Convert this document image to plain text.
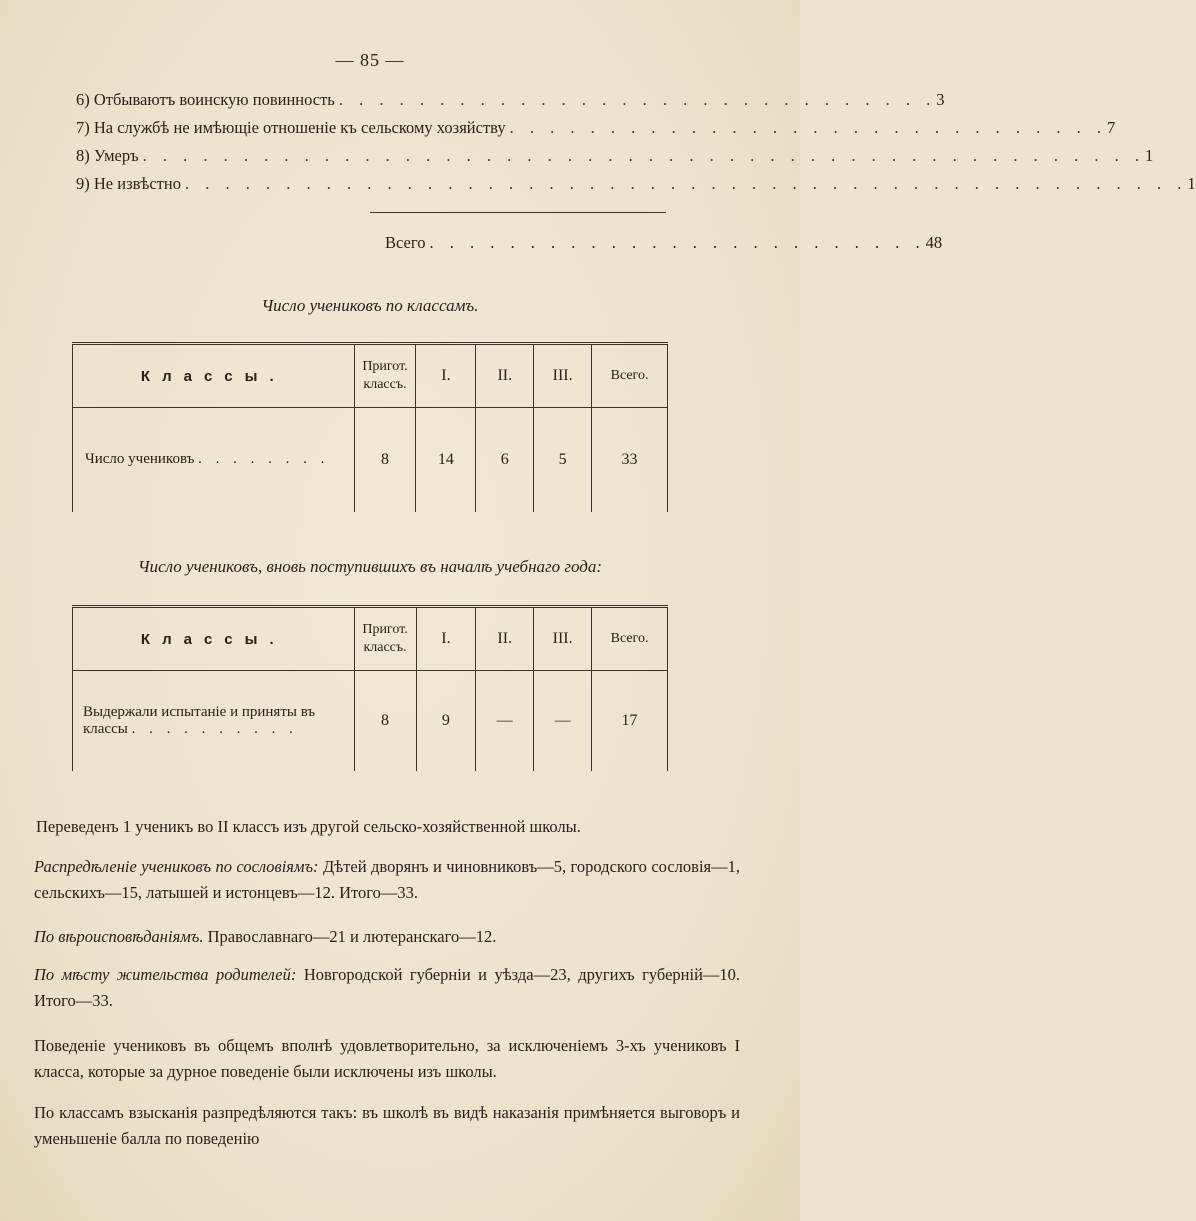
— 85 —
6) Отбываютъ воинскую повинность . . . . . . . . . . . . . . . . . . . . . . . . . . . . . . 3
7) На службѣ не имѣющіе отношеніе къ сельскому хозяйству . . . . . . . . . . . . . . . . . . . . . . . . . . . . . . 7
8) Умеръ . . . . . . . . . . . . . . . . . . . . . . . . . . . . . . . . . . . . . . . . . . . . . . . . . . 1
9) Не извѣстно . . . . . . . . . . . . . . . . . . . . . . . . . . . . . . . . . . . . . . . . . . . . . . . . . . 1
Всего . . . . . . . . . . . . . . . . . . . . . . . . . 48
Число учениковъ по классамъ.
Классы.	Пригот. классъ.	I.	II.	III.	Всего.
Число учениковъ . . . . . . . .	8	14	6	5	33
Число учениковъ, вновь поступившихъ въ началѣ учебнаго года:
Классы.	Пригот. классъ.	I.	II.	III.	Всего.
Выдержали испытаніе и приняты въ классы . . . . . . . . . .	8	9	—	—	17
Переведенъ 1 ученикъ во II классъ изъ другой сельско-хозяйственной школы.
Распредѣленіе учениковъ по сословіямъ: Дѣтей дворянъ и чиновниковъ—5, городского сословія—1, сельскихъ—15, латышей и истонцевъ—12. Итого—33.
По вѣроисповѣданіямъ. Православнаго—21 и лютеранскаго—12.
По мѣсту жительства родителей: Новгородской губерніи и уѣзда—23, другихъ губерній—10. Итого—33.
Поведеніе учениковъ въ общемъ вполнѣ удовлетворительно, за исключеніемъ 3-хъ учениковъ I класса, которые за дурное поведеніе были исключены изъ школы.
По классамъ взысканія разпредѣляются такъ: въ школѣ въ видѣ наказанія примѣняется выговоръ и уменьшеніе балла по поведенію
